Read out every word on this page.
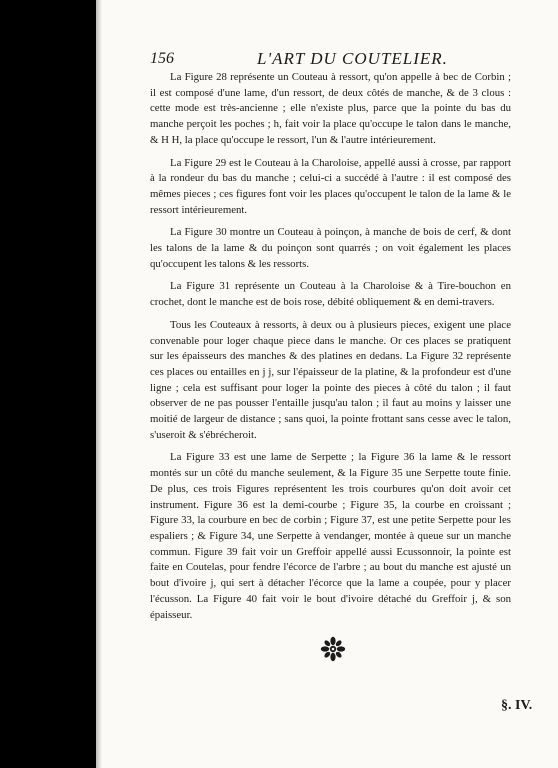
156	L'ART DU COUTELIER.

La Figure 28 représente un Couteau à ressort, qu'on appelle à bec de Corbin ; il est composé d'une lame, d'un ressort, de deux côtés de manche, & de 3 clous : cette mode est très-ancienne ; elle n'existe plus, parce que la pointe du bas du manche perçoit les poches ; h, fait voir la place qu'occupe le talon dans le manche, & H H, la place qu'occupe le ressort, l'un & l'autre intérieurement.

La Figure 29 est le Couteau à la Charoloise, appellé aussi à crosse, par rapport à la rondeur du bas du manche ; celui-ci a succédé à l'autre : il est composé des mêmes pieces ; ces figures font voir les places qu'occupent le talon de la lame & le ressort intérieurement.

La Figure 30 montre un Couteau à poinçon, à manche de bois de cerf, & dont les talons de la lame & du poinçon sont quarrés ; on voit également les places qu'occupent les talons & les ressorts.

La Figure 31 représente un Couteau à la Charoloise & à Tire-bouchon en crochet, dont le manche est de bois rose, débité obliquement & en demi-travers.

Tous les Couteaux à ressorts, à deux ou à plusieurs pieces, exigent une place convenable pour loger chaque piece dans le manche. Or ces places se pratiquent sur les épaisseurs des manches & des platines en dedans. La Figure 32 représente ces places ou entailles en j j, sur l'épaisseur de la platine, & la profondeur est d'une ligne ; cela est suffisant pour loger la pointe des pieces à côté du talon ; il faut observer de ne pas pousser l'entaille jusqu'au talon ; il faut au moins y laisser une moitié de largeur de distance ; sans quoi, la pointe frottant sans cesse avec le talon, s'useroit & s'ébrécheroit.

La Figure 33 est une lame de Serpette ; la Figure 36 la lame & le ressort montés sur un côté du manche seulement, & la Figure 35 une Serpette toute finie. De plus, ces trois Figures représentent les trois courbures qu'on doit avoir cet instrument. Figure 36 est la demi-courbe ; Figure 35, la courbe en croissant ; Figure 33, la courbure en bec de corbin ; Figure 37, est une petite Serpette pour les espaliers ; & Figure 34, une Serpette à vendanger, montée à queue sur un manche commun. Figure 39 fait voir un Greffoir appellé aussi Ecussonnoir, la pointe est faite en Coutelas, pour fendre l'écorce de l'arbre ; au bout du manche est ajusté un bout d'ivoire j, qui sert à détacher l'écorce que la lame a coupée, pour y placer l'écusson. La Figure 40 fait voir le bout d'ivoire détaché du Greffoir j, & son épaisseur.

§. IV.
